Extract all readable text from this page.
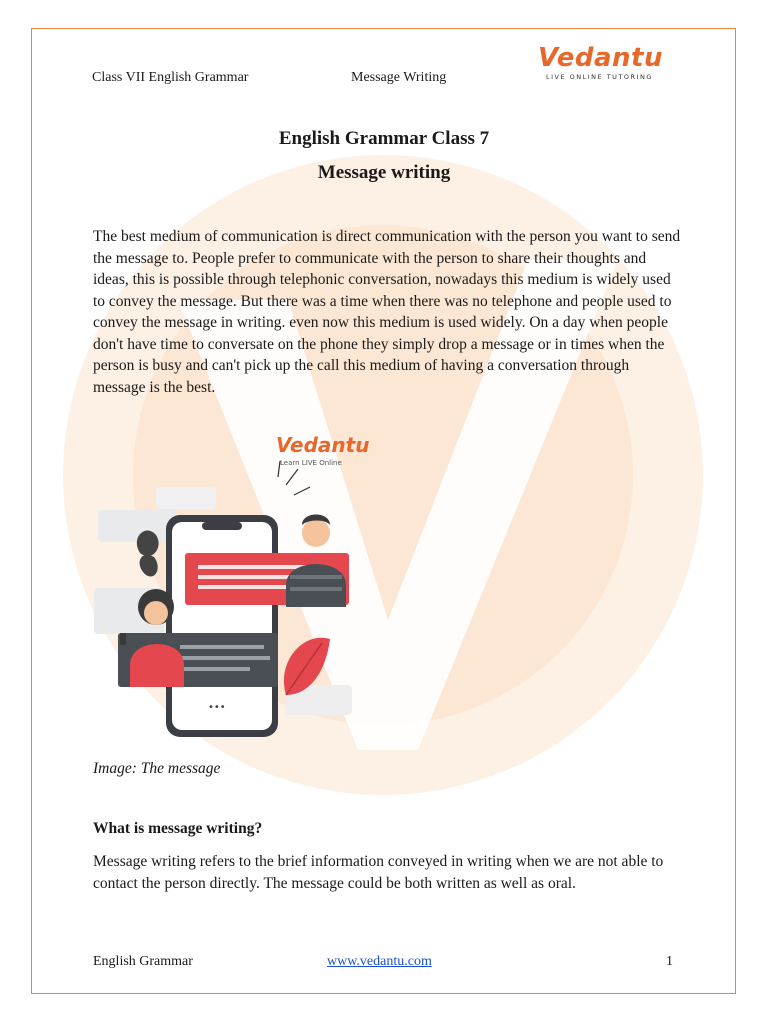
Class VII English Grammar	Message Writing
Vedantu
LIVE ONLINE TUTORING
English Grammar Class 7
Message writing
The best medium of communication is direct communication with the person you want to send the message to. People prefer to communicate with the person to share their thoughts and ideas, this is possible through telephonic conversation, nowadays this medium is widely used to convey the message. But there was a time when there was no telephone and people used to convey the message in writing. even now this medium is used widely. On a day when people don't have time to conversate on the phone they simply drop a message or in times when the person is busy and can't pick up the call this medium of having a conversation through message is the best.
Vedantu
Learn LIVE Online
•••
Image: The message
What is message writing?
Message writing refers to the brief information conveyed in writing when we are not able to contact the person directly. The message could be both written as well as oral.
English Grammar	www.vedantu.com	1
